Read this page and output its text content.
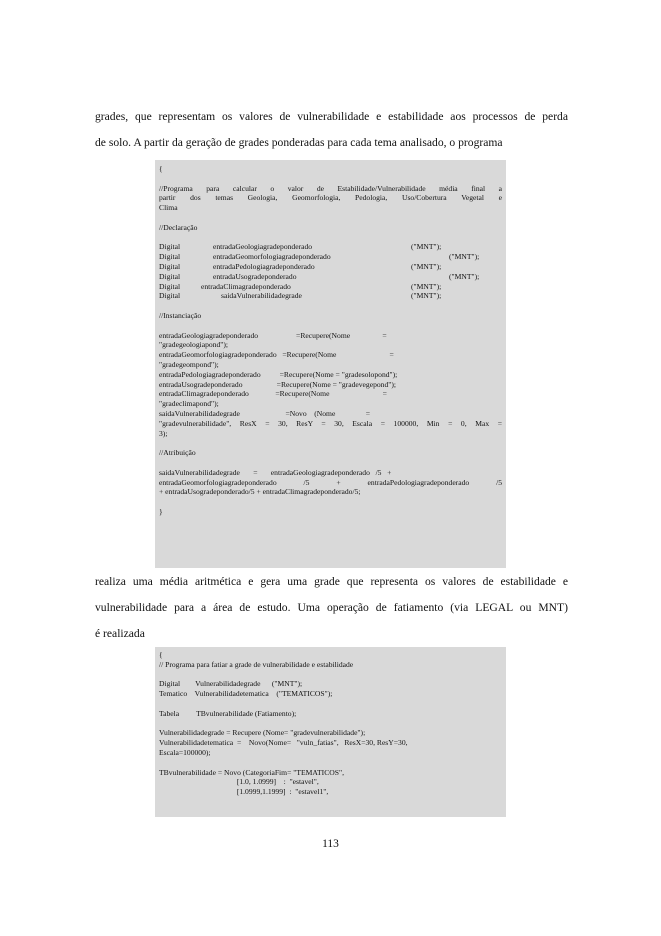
grades, que representam os valores de vulnerabilidade e estabilidade aos processos de perda
de solo. A partir da geração de grades ponderadas para cada tema analisado, o programa
{
//Programa para calcular o valor de Estabilidade/Vulnerabilidade média final a
partir dos temas Geologia, Geomorfologia, Pedologia, Uso/Cobertura Vegetal e
Clima
//Declaração
Digital	entradaGeologiagradeponderado	("MNT");
Digital	entradaGeomorfologiagradeponderado	("MNT");
Digital	entradaPedologiagradeponderado	("MNT");
Digital	entradaUsogradeponderado	("MNT");
Digital	entradaClimagradeponderado	("MNT");
Digital	saidaVulnerabilidadegrade	("MNT");
//Instanciação
entradaGeologiagradeponderado                    =Recupere(Nome                 =
"gradegeologiapond");
entradaGeomorfologiagradeponderado   =Recupere(Nome                            =
"gradegeompond");
entradaPedologiagradeponderado          =Recupere(Nome = "gradesolopond");
entradaUsogradeponderado                  =Recupere(Nome = "gradevegepond");
entradaClimagradeponderado              =Recupere(Nome                            =
"gradeclimapond");
saidaVulnerabilidadegrade                        =Novo    (Nome                =
"gradevulnerabilidade", ResX = 30, ResY = 30, Escala = 100000, Min = 0, Max =
3);
//Atribuição
saidaVulnerabilidadegrade       =       entradaGeologiagradeponderado   /5   +
entradaGeomorfologiagradeponderado /5 + entradaPedologiagradeponderado /5
+ entradaUsogradeponderado/5 + entradaClimagradeponderado/5;
}
realiza uma média aritmética e gera uma grade que representa os valores de estabilidade e
vulnerabilidade para a área de estudo. Uma operação de fatiamento (via LEGAL ou MNT)
é realizada
{
// Programa para fatiar a grade de vulnerabilidade e estabilidade
Digital        Vulnerabilidadegrade      ("MNT");
Tematico    Vulnerabilidadetematica    ("TEMATICOS");
Tabela         TBvulnerabilidade (Fatiamento);
Vulnerabilidadegrade = Recupere (Nome= "gradevulnerabilidade");
Vulnerabilidadetematica  =    Novo(Nome=   "vuln_fatias",   ResX=30, ResY=30,
Escala=100000);
TBvulnerabilidade = Novo (CategoriaFim= "TEMATICOS",
[1.0, 1.0999]    :  "estavel",
[1.0999,1.1999]  :  "estavel1",
113
